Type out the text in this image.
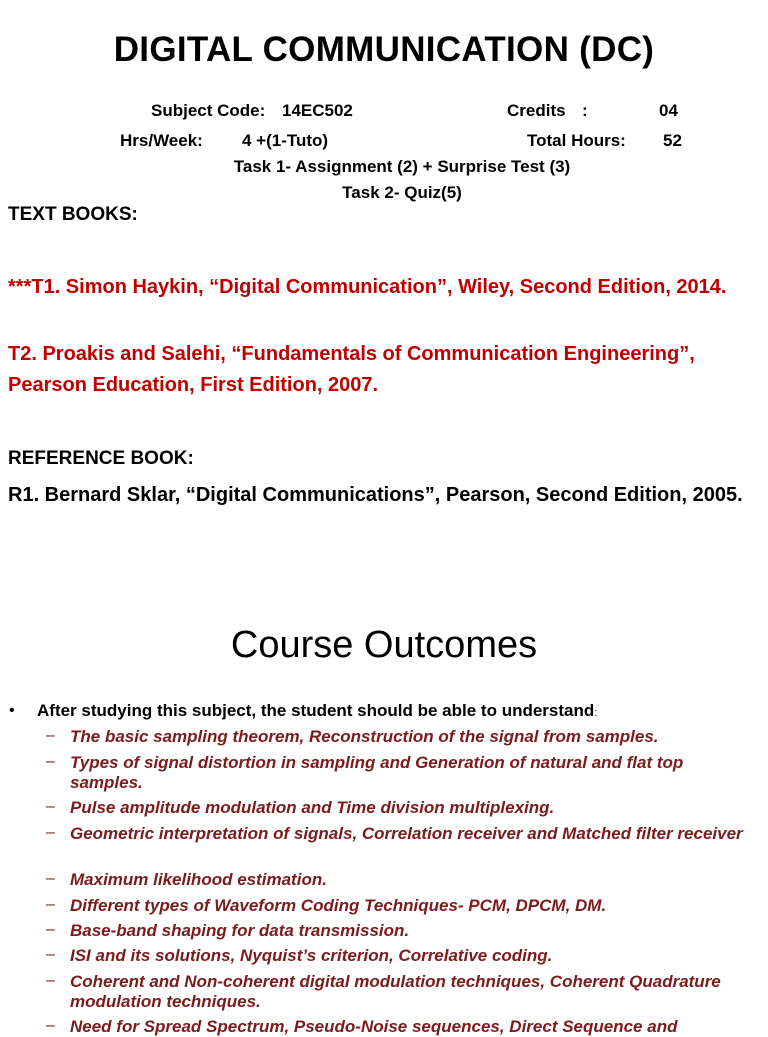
DIGITAL COMMUNICATION (DC)
Subject Code: 14EC502	Credits :	04
Hrs/Week: 4 +(1-Tuto)	Total Hours: 52
Task 1- Assignment (2) + Surprise Test (3)
Task 2- Quiz(5)
TEXT BOOKS:
***T1. Simon Haykin, “Digital Communication”, Wiley, Second Edition, 2014.
T2. Proakis and Salehi, “Fundamentals of Communication Engineering”, Pearson Education, First Edition, 2007.
REFERENCE BOOK:
R1. Bernard Sklar, “Digital Communications”, Pearson, Second Edition, 2005.
Course Outcomes
• After studying this subject, the student should be able to understand:
– The basic sampling theorem, Reconstruction of the signal from samples.
– Types of signal distortion in sampling and Generation of natural and flat top samples.
– Pulse amplitude modulation and Time division multiplexing.
– Geometric interpretation of signals, Correlation receiver and Matched filter receiver
– Maximum likelihood estimation.
– Different types of Waveform Coding Techniques- PCM, DPCM, DM.
– Base-band shaping for data transmission.
– ISI and its solutions, Nyquist’s criterion, Correlative coding.
– Coherent and Non-coherent digital modulation techniques, Coherent Quadrature modulation techniques.
– Need for Spread Spectrum, Pseudo-Noise sequences, Direct Sequence and
